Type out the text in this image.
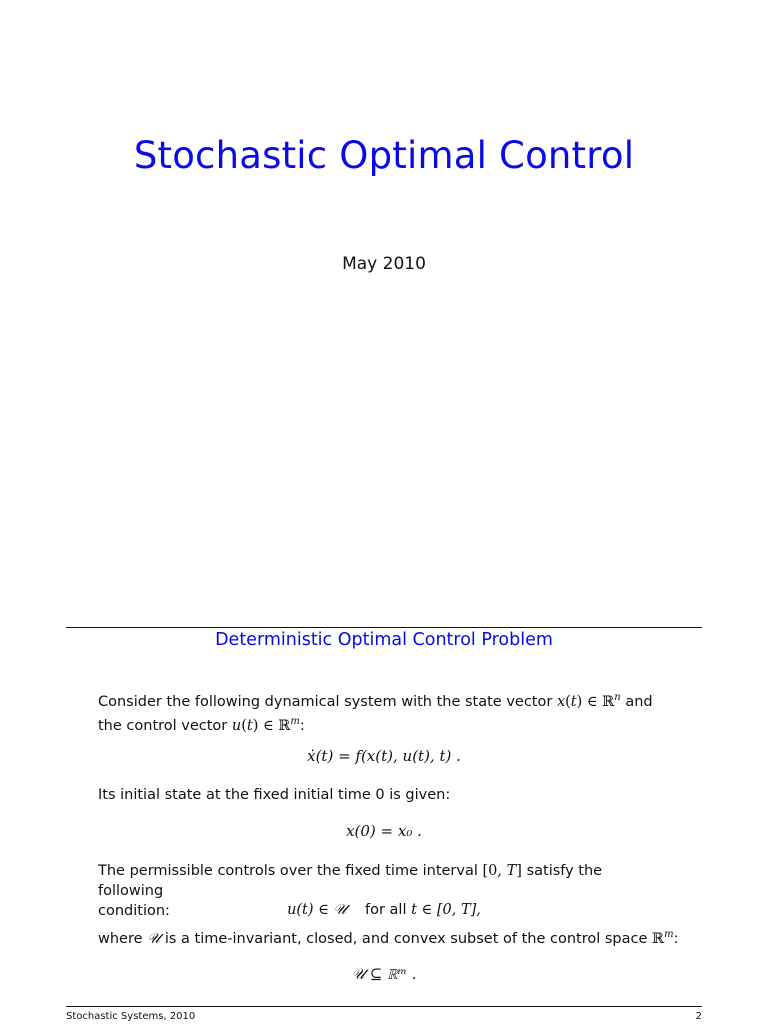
Stochastic Optimal Control
May 2010
Deterministic Optimal Control Problem
Consider the following dynamical system with the state vector x(t) ∈ ℝ$^n$ and
the control vector u(t) ∈ ℝ$^m$:
ẋ(t) = f(x(t), u(t), t) .
Its initial state at the fixed initial time 0 is given:
x(0) = x₀ .
The permissible controls over the fixed time interval [0, T] satisfy the following
condition:	u(t) ∈ 𝒰 for all t ∈ [0, T],
where 𝒰 is a time-invariant, closed, and convex subset of the control space ℝ$^m$:
𝒰 ⊆ ℝᵐ .
Stochastic Systems, 2010	2
